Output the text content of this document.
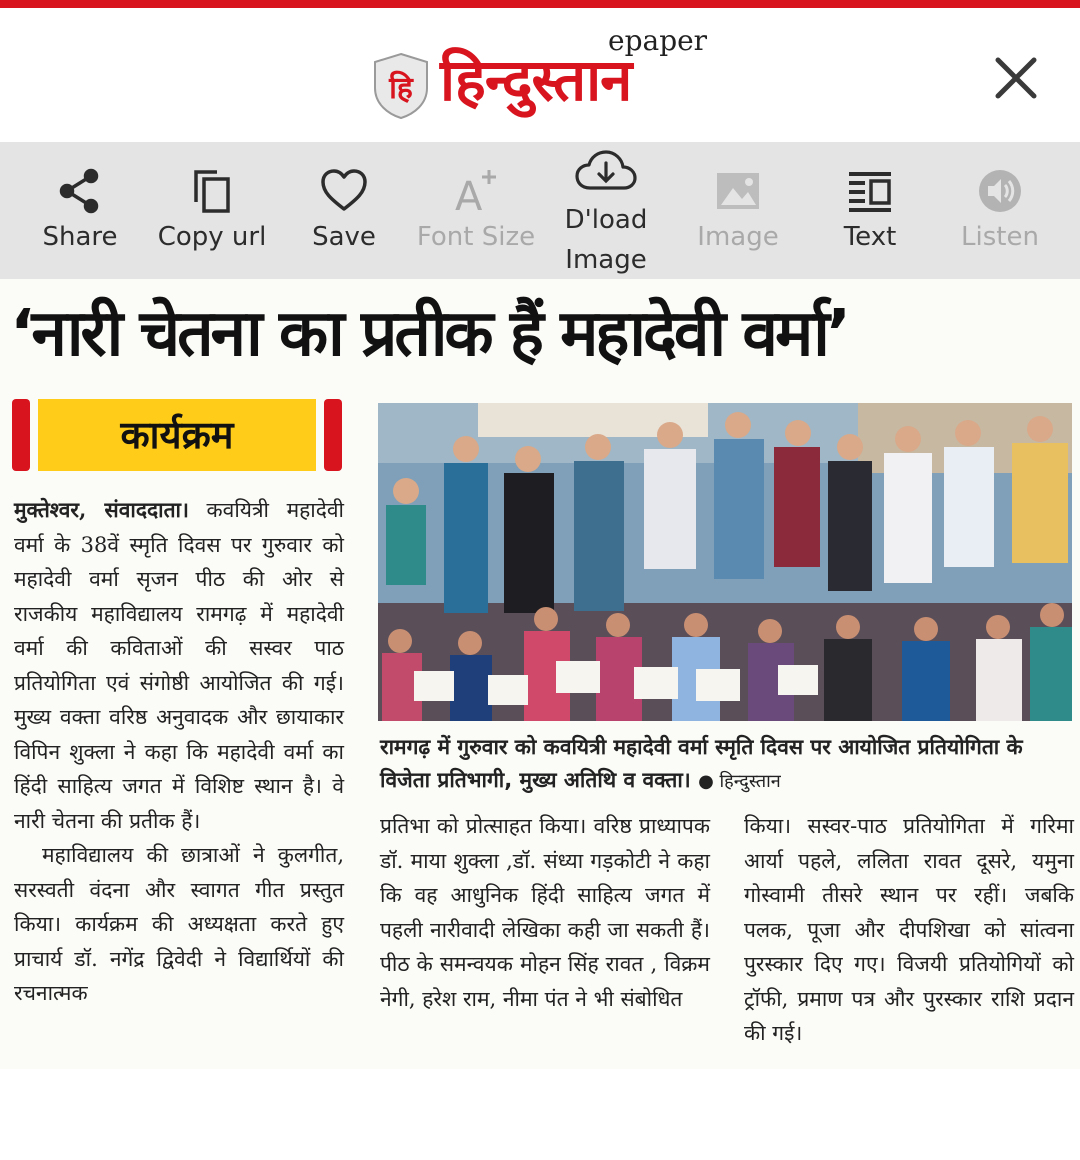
हि हिन्दुस्तान
epaper
Share	Copy url	Save
A
Font Size
D'load
Image
Image	Text	Listen
‘नारी चेतना का प्रतीक हैं महादेवी वर्मा’
कार्यक्रम

मुक्तेश्वर, संवाददाता। कवयित्री महादेवी वर्मा के 38वें स्मृति दिवस पर गुरुवार को महादेवी वर्मा सृजन पीठ की ओर से राजकीय महाविद्यालय रामगढ़ में महादेवी वर्मा की कविताओं की सस्वर पाठ प्रतियोगिता एवं संगोष्ठी आयोजित की गई। मुख्य वक्ता वरिष्ठ अनुवादक और छायाकार विपिन शुक्ला ने कहा कि महादेवी वर्मा का हिंदी साहित्य जगत में विशिष्ट स्थान है। वे नारी चेतना की प्रतीक हैं।

महाविद्यालय की छात्राओं ने कुलगीत, सरस्वती वंदना और स्वागत गीत प्रस्तुत किया। कार्यक्रम की अध्यक्षता करते हुए प्राचार्य डॉ. नगेंद्र द्विवेदी ने विद्यार्थियों की रचनात्मक

रामगढ़ में गुरुवार को कवयित्री महादेवी वर्मा स्मृति दिवस पर आयोजित प्रतियोगिता के विजेता प्रतिभागी, मुख्य अतिथि व वक्ता। ● हिन्दुस्तान

प्रतिभा को प्रोत्साहत किया। वरिष्ठ प्राध्यापक डॉ. माया शुक्ला ,डॉ. संध्या गड़कोटी ने कहा कि वह आधुनिक हिंदी साहित्य जगत में पहली नारीवादी लेखिका कही जा सकती हैं। पीठ के समन्वयक मोहन सिंह रावत , विक्रम नेगी, हरेश राम, नीमा पंत ने भी संबोधित

किया। सस्वर-पाठ प्रतियोगिता में गरिमा आर्या पहले, ललिता रावत दूसरे, यमुना गोस्वामी तीसरे स्थान पर रहीं। जबकि पलक, पूजा और दीपशिखा को सांत्वना पुरस्कार दिए गए। विजयी प्रतियोगियों को ट्रॉफी, प्रमाण पत्र और पुरस्कार राशि प्रदान की गई।
